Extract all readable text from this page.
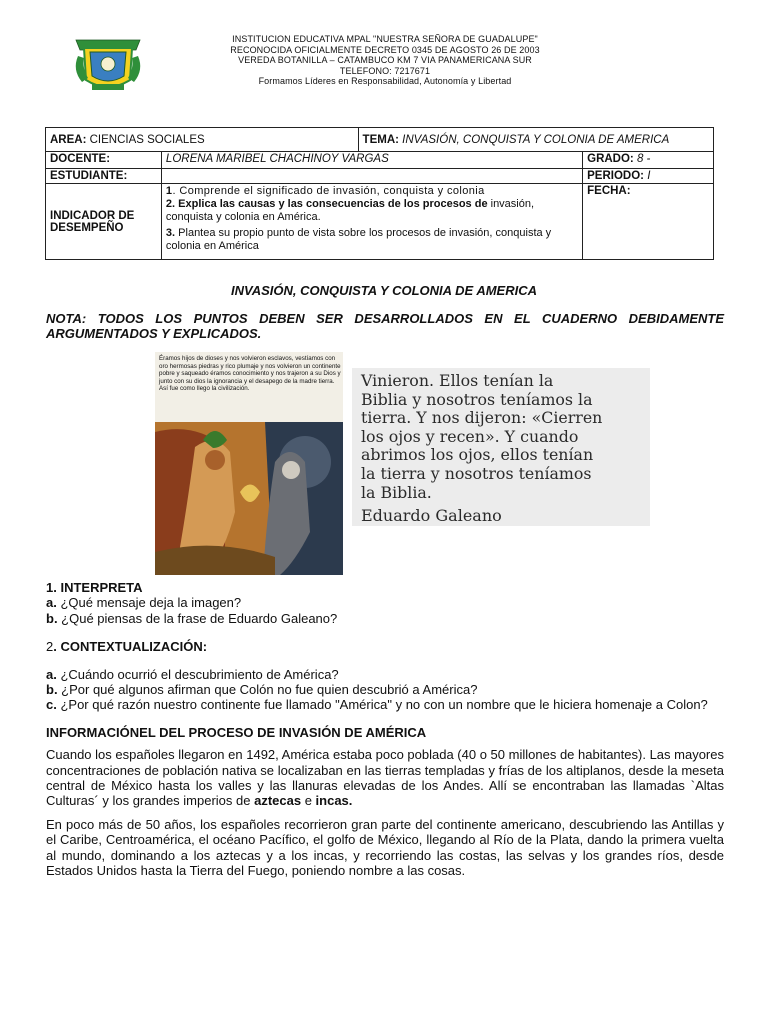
INSTITUCION EDUCATIVA MPAL "NUESTRA SEÑORA DE GUADALUPE"
RECONOCIDA OFICIALMENTE DECRETO 0345 DE AGOSTO 26 DE 2003
VEREDA BOTANILLA – CATAMBUCO KM 7 VIA PANAMERICANA SUR
TELEFONO: 7217671
Formamos Líderes en Responsabilidad, Autonomía y Libertad
AREA: CIENCIAS SOCIALES		TEMA: INVASIÓN, CONQUISTA Y COLONIA DE AMERICA	
DOCENTE:	LORENA MARIBEL CHACHINOY VARGAS		GRADO: 8 -
ESTUDIANTE:			PERIODO: I
INDICADOR DE DESEMPEÑO	1. Comprende el significado de invasión, conquista y colonia
2. Explica las causas y las consecuencias de los procesos de invasión, conquista y colonia en América.
3. Plantea su propio punto de vista sobre los procesos de invasión, conquista y colonia en América		FECHA:
INVASIÓN, CONQUISTA Y COLONIA DE AMERICA
NOTA: TODOS LOS PUNTOS DEBEN SER DESARROLLADOS EN EL CUADERNO DEBIDAMENTE ARGUMENTADOS Y EXPLICADOS.
Éramos hijos de dioses y nos volvieron esclavos, vestíamos con oro hermosas piedras y rico plumaje y nos volvieron un continente pobre y saqueado éramos conocimiento y nos trajeron a su Dios y junto con su dios la ignorancia y el desapego de la madre tierra. Así fue como llego la civilización.	Vinieron. Ellos tenían la
Biblia y nosotros teníamos la
tierra. Y nos dijeron: «Cierren
los ojos y recen». Y cuando
abrimos los ojos, ellos tenían
la tierra y nosotros teníamos
la Biblia.
Eduardo Galeano
1. INTERPRETA
a. ¿Qué mensaje deja la imagen?
b. ¿Qué piensas de la frase de Eduardo Galeano?
2. CONTEXTUALIZACIÓN:
a. ¿Cuándo ocurrió el descubrimiento de América?
b. ¿Por qué algunos afirman que Colón no fue quien descubrió a América?
c. ¿Por qué razón nuestro continente fue llamado "América" y no con un nombre que le hiciera homenaje a Colon?
INFORMACIÓNEL DEL PROCESO DE INVASIÓN DE AMÉRICA

Cuando los españoles llegaron en 1492, América estaba poco poblada (40 o 50 millones de habitantes). Las mayores concentraciones de población nativa se localizaban en las tierras templadas y frías de los altiplanos, desde la meseta central de México hasta los valles y las llanuras elevadas de los Andes. Allí se encontraban las llamadas `Altas Culturas´ y los grandes imperios de aztecas e incas.

En poco más de 50 años, los españoles recorrieron gran parte del continente americano, descubriendo las Antillas y el Caribe, Centroamérica, el océano Pacífico, el golfo de México, llegando al Río de la Plata, dando la primera vuelta al mundo, dominando a los aztecas y a los incas, y recorriendo las costas, las selvas y los grandes ríos, desde Estados Unidos hasta la Tierra del Fuego, poniendo nombre a las cosas.
